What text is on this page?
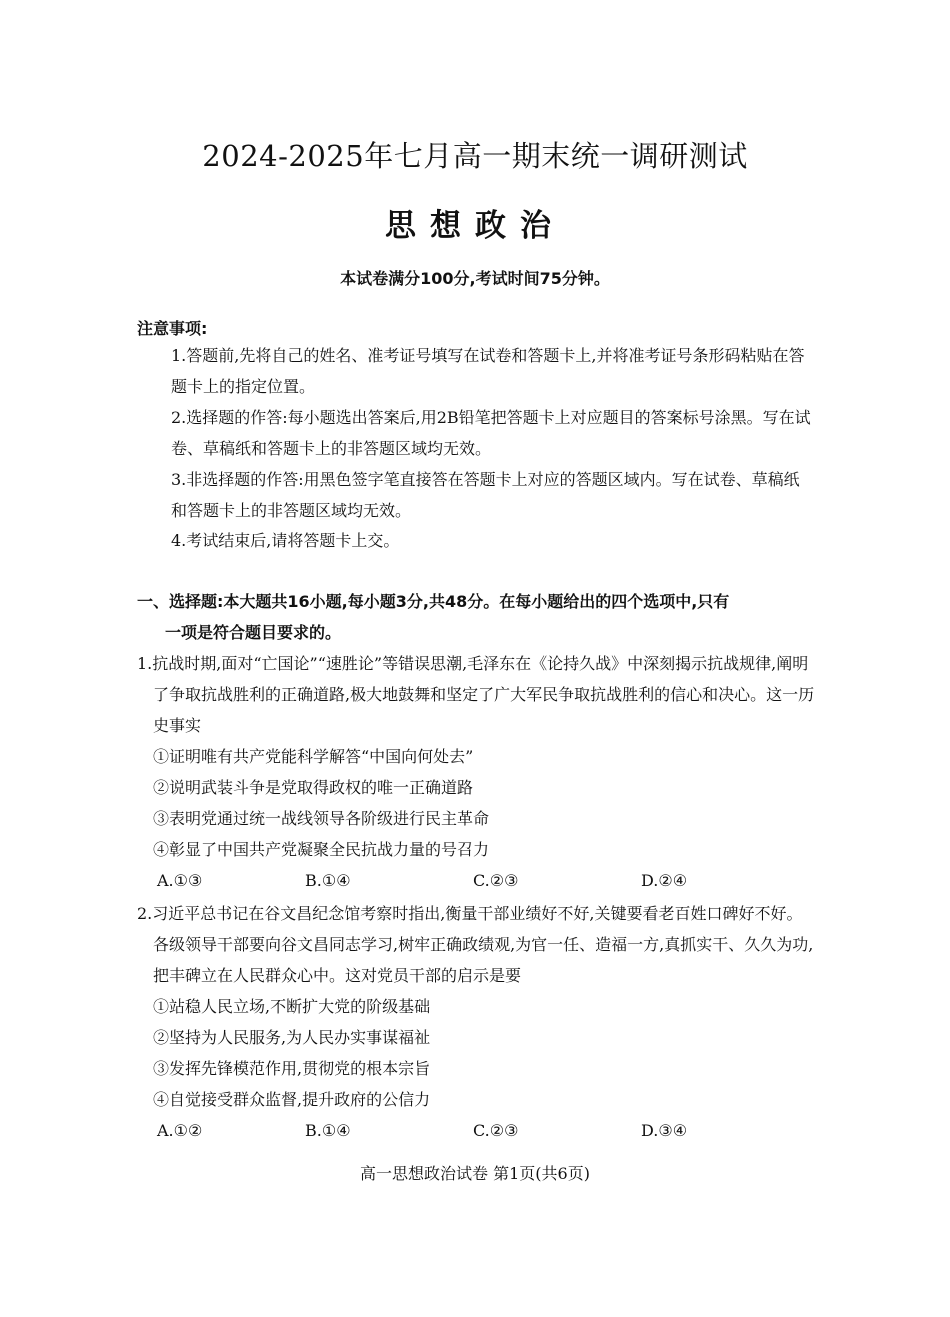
2024-2025年七月高一期末统一调研测试
思想政治
本试卷满分100分,考试时间75分钟。
注意事项:
1.答题前,先将自己的姓名、准考证号填写在试卷和答题卡上,并将准考证号条形码粘贴在答题卡上的指定位置。
2.选择题的作答:每小题选出答案后,用2B铅笔把答题卡上对应题目的答案标号涂黑。写在试卷、草稿纸和答题卡上的非答题区域均无效。
3.非选择题的作答:用黑色签字笔直接答在答题卡上对应的答题区域内。写在试卷、草稿纸和答题卡上的非答题区域均无效。
4.考试结束后,请将答题卡上交。
一、选择题:本大题共16小题,每小题3分,共48分。在每小题给出的四个选项中,只有
一项是符合题目要求的。
1.抗战时期,面对“亡国论”“速胜论”等错误思潮,毛泽东在《论持久战》中深刻揭示抗战规律,阐明了争取抗战胜利的正确道路,极大地鼓舞和坚定了广大军民争取抗战胜利的信心和决心。这一历史事实
①证明唯有共产党能科学解答“中国向何处去”
②说明武装斗争是党取得政权的唯一正确道路
③表明党通过统一战线领导各阶级进行民主革命
④彰显了中国共产党凝聚全民抗战力量的号召力
A.①③	B.①④	C.②③	D.②④
2.习近平总书记在谷文昌纪念馆考察时指出,衡量干部业绩好不好,关键要看老百姓口碑好不好。各级领导干部要向谷文昌同志学习,树牢正确政绩观,为官一任、造福一方,真抓实干、久久为功,把丰碑立在人民群众心中。这对党员干部的启示是要
①站稳人民立场,不断扩大党的阶级基础
②坚持为人民服务,为人民办实事谋福祉
③发挥先锋模范作用,贯彻党的根本宗旨
④自觉接受群众监督,提升政府的公信力
A.①②	B.①④	C.②③	D.③④
高一思想政治试卷 第1页(共6页)
